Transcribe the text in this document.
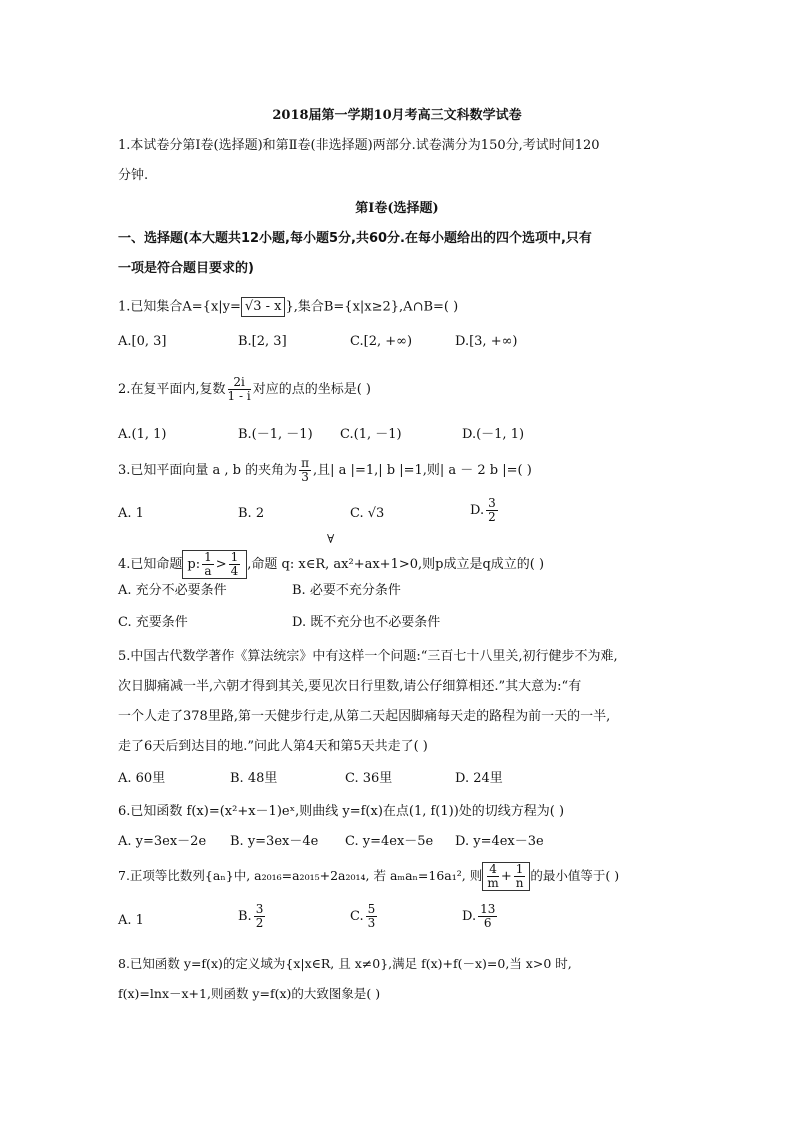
2018届第一学期10月考高三文科数学试卷
1.本试卷分第Ⅰ卷(选择题)和第Ⅱ卷(非选择题)两部分.试卷满分为150分,考试时间120
分钟.
第Ⅰ卷(选择题)
一、选择题(本大题共12小题,每小题5分,共60分.在每小题给出的四个选项中,只有
一项是符合题目要求的)
1.已知集合A={x|y= √3 - x },集合B={x|x≥2},A∩B=( )
A.[0, 3]	B.[2, 3]	C.[2, +∞)	D.[3, +∞)
2.在复平面内,复数 $\frac{2i}{1 - i}$ 对应的点的坐标是( )
A.(1, 1)	B.(－1, －1) C.(1, －1)	D.(－1, 1)
3.已知平面向量 a , b 的夹角为 $\frac{\pi}{3}$ ,且| a |=1,| b |=1,则| a － 2 b |=( )
A. 1	B. 2	C. √3	D. $\frac{3}{2}$
∀
4.已知命题 p: $\frac{1}{a} > \frac{1}{4}$ ,命题 q: x∈R, ax²+ax+1>0,则p成立是q成立的( )
A. 充分不必要条件	B. 必要不充分条件
C. 充要条件	D. 既不充分也不必要条件
5.中国古代数学著作《算法统宗》中有这样一个问题:“三百七十八里关,初行健步不为难,
次日脚痛减一半,六朝才得到其关,要见次日行里数,请公仔细算相还.”其大意为:“有
一个人走了378里路,第一天健步行走,从第二天起因脚痛每天走的路程为前一天的一半,
走了6天后到达目的地.”问此人第4天和第5天共走了( )
A. 60里	B. 48里	C. 36里	D. 24里
6.已知函数 f(x)=(x²+x－1)eˣ,则曲线 y=f(x)在点(1, f(1))处的切线方程为( )
A. y=3ex－2e B. y=3ex－4e C. y=4ex－5e D. y=4ex－3e
7.正项等比数列{aₙ}中, a₂₀₁₆=a₂₀₁₅+2a₂₀₁₄, 若 aₘaₙ=16a₁², 则 $\frac{4}{m} + \frac{1}{n}$ 的最小值等于( )
A. 1	B. $\frac{3}{2}$	C. $\frac{5}{3}$	D. $\frac{13}{6}$
8.已知函数 y=f(x)的定义域为{x|x∈R, 且 x≠0},满足 f(x)+f(－x)=0,当 x>0 时,
f(x)=lnx－x+1,则函数 y=f(x)的大致图象是( )
